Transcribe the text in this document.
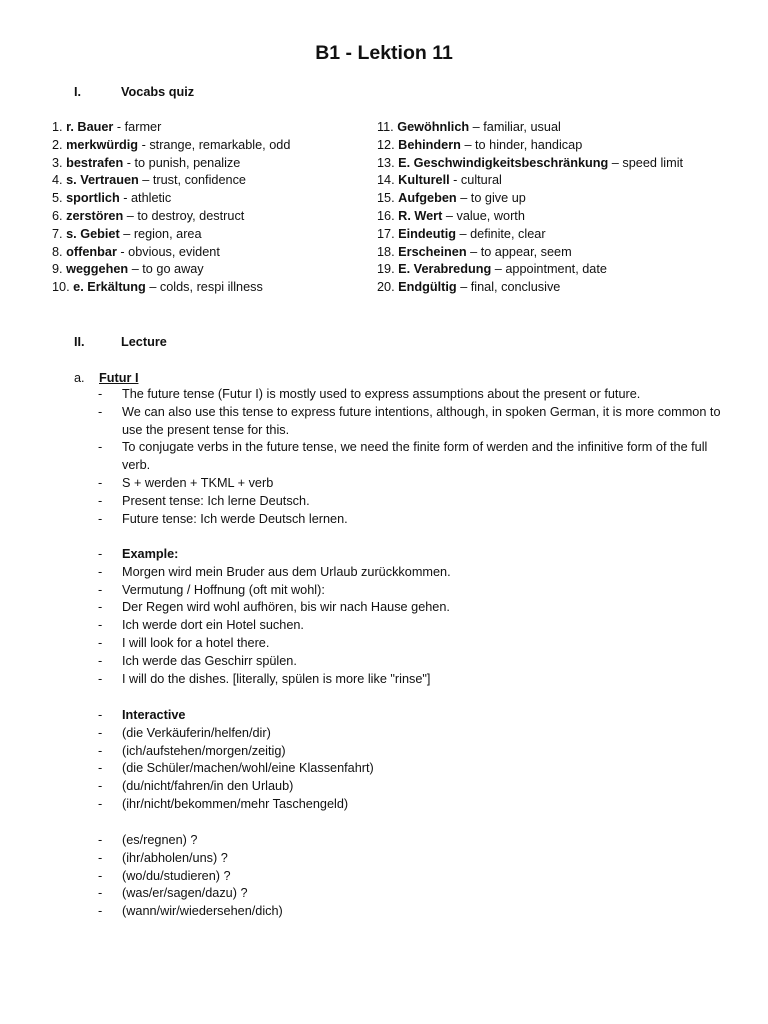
B1 - Lektion 11
I.	Vocabs quiz
1. r. Bauer - farmer
2. merkwürdig - strange, remarkable, odd
3. bestrafen - to punish, penalize
4. s. Vertrauen – trust, confidence
5. sportlich - athletic
6. zerstören – to destroy, destruct
7. s. Gebiet – region, area
8. offenbar - obvious, evident
9. weggehen – to go away
10. e. Erkältung – colds, respi illness
11. Gewöhnlich – familiar, usual
12. Behindern – to hinder, handicap
13. E. Geschwindigkeitsbeschränkung – speed limit
14. Kulturell - cultural
15. Aufgeben – to give up
16. R. Wert – value, worth
17. Eindeutig – definite, clear
18. Erscheinen – to appear, seem
19. E. Verabredung – appointment, date
20. Endgültig – final, conclusive
II.	Lecture
a. Futur I
- The future tense (Futur I) is mostly used to express assumptions about the present or future.
- We can also use this tense to express future intentions, although, in spoken German, it is more common to use the present tense for this.
- To conjugate verbs in the future tense, we need the finite form of werden and the infinitive form of the full verb.
- S + werden + TKML + verb
- Present tense: Ich lerne Deutsch.
- Future tense: Ich werde Deutsch lernen.
- Example:
- Morgen wird mein Bruder aus dem Urlaub zurückkommen.
- Vermutung / Hoffnung (oft mit wohl):
- Der Regen wird wohl aufhören, bis wir nach Hause gehen.
- Ich werde dort ein Hotel suchen.
- I will look for a hotel there.
- Ich werde das Geschirr spülen.
- I will do the dishes. [literally, spülen is more like "rinse"]
- Interactive
- (die Verkäuferin/helfen/dir)
- (ich/aufstehen/morgen/zeitig)
- (die Schüler/machen/wohl/eine Klassenfahrt)
- (du/nicht/fahren/in den Urlaub)
- (ihr/nicht/bekommen/mehr Taschengeld)
- (es/regnen) ?
- (ihr/abholen/uns) ?
- (wo/du/studieren) ?
- (was/er/sagen/dazu) ?
- (wann/wir/wiedersehen/dich)
